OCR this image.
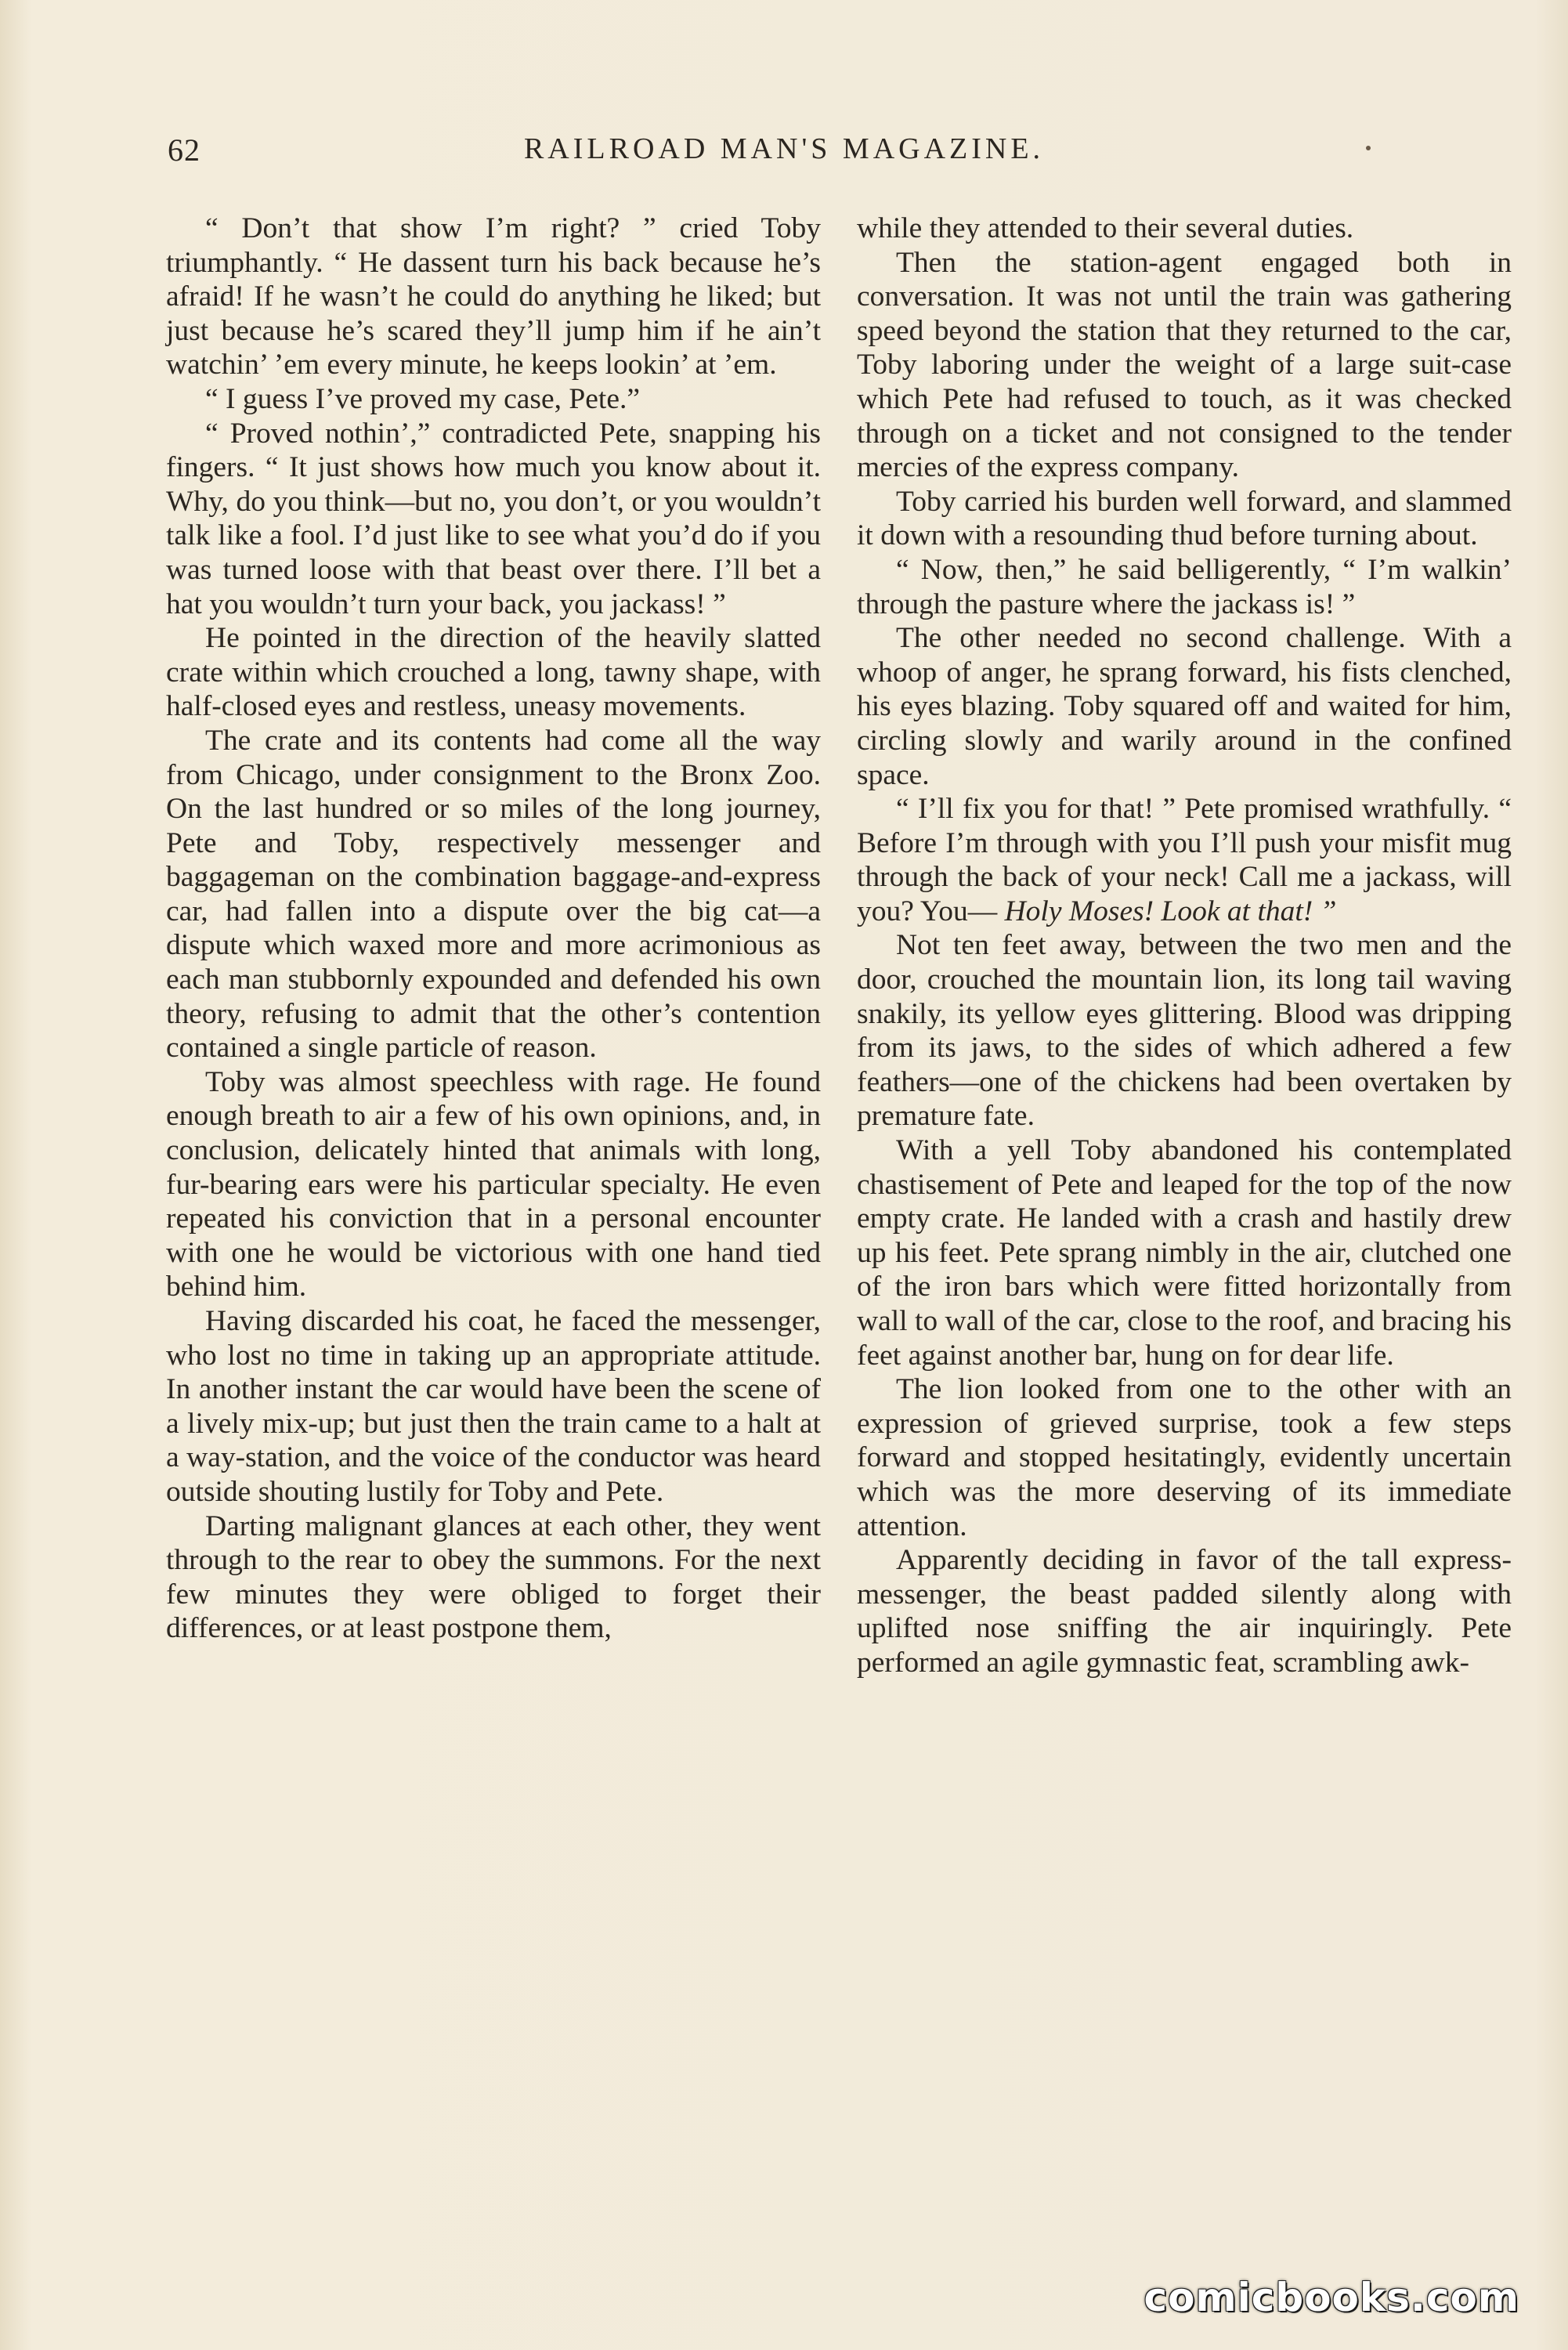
62	RAILROAD MAN'S MAGAZINE.

“ Don’t that show I’m right? ” cried Toby triumphantly. “ He dassent turn his back because he’s afraid! If he wasn’t he could do anything he liked; but just because he’s scared they’ll jump him if he ain’t watchin’ ’em every minute, he keeps lookin’ at ’em.

“ I guess I’ve proved my case, Pete.”

“ Proved nothin’,” contradicted Pete, snapping his fingers. “ It just shows how much you know about it. Why, do you think—but no, you don’t, or you wouldn’t talk like a fool. I’d just like to see what you’d do if you was turned loose with that beast over there. I’ll bet a hat you wouldn’t turn your back, you jackass! ”

He pointed in the direction of the heavily slatted crate within which crouched a long, tawny shape, with half-closed eyes and restless, uneasy movements.

The crate and its contents had come all the way from Chicago, under consignment to the Bronx Zoo. On the last hundred or so miles of the long journey, Pete and Toby, respectively messenger and baggageman on the combination baggage-and-express car, had fallen into a dispute over the big cat—a dispute which waxed more and more acrimonious as each man stubbornly expounded and defended his own theory, refusing to admit that the other’s contention contained a single particle of reason.

Toby was almost speechless with rage. He found enough breath to air a few of his own opinions, and, in conclusion, delicately hinted that animals with long, fur-bearing ears were his particular specialty. He even repeated his conviction that in a personal encounter with one he would be victorious with one hand tied behind him.

Having discarded his coat, he faced the messenger, who lost no time in taking up an appropriate attitude. In another instant the car would have been the scene of a lively mix-up; but just then the train came to a halt at a way-station, and the voice of the conductor was heard outside shouting lustily for Toby and Pete.

Darting malignant glances at each other, they went through to the rear to obey the summons. For the next few minutes they were obliged to forget their differences, or at least postpone them,

while they attended to their several duties.

Then the station-agent engaged both in conversation. It was not until the train was gathering speed beyond the station that they returned to the car, Toby laboring under the weight of a large suit-case which Pete had refused to touch, as it was checked through on a ticket and not consigned to the tender mercies of the express company.

Toby carried his burden well forward, and slammed it down with a resounding thud before turning about.

“ Now, then,” he said belligerently, “ I’m walkin’ through the pasture where the jackass is! ”

The other needed no second challenge. With a whoop of anger, he sprang forward, his fists clenched, his eyes blazing. Toby squared off and waited for him, circling slowly and warily around in the confined space.

“ I’ll fix you for that! ” Pete promised wrathfully. “ Before I’m through with you I’ll push your misfit mug through the back of your neck! Call me a jackass, will you? You— Holy Moses! Look at that! ”

Not ten feet away, between the two men and the door, crouched the mountain lion, its long tail waving snakily, its yellow eyes glittering. Blood was dripping from its jaws, to the sides of which adhered a few feathers—one of the chickens had been overtaken by premature fate.

With a yell Toby abandoned his contemplated chastisement of Pete and leaped for the top of the now empty crate. He landed with a crash and hastily drew up his feet. Pete sprang nimbly in the air, clutched one of the iron bars which were fitted horizontally from wall to wall of the car, close to the roof, and bracing his feet against another bar, hung on for dear life.

The lion looked from one to the other with an expression of grieved surprise, took a few steps forward and stopped hesitatingly, evidently uncertain which was the more deserving of its immediate attention.

Apparently deciding in favor of the tall express-messenger, the beast padded silently along with uplifted nose sniffing the air inquiringly. Pete performed an agile gymnastic feat, scrambling awk-

comicbooks.com
